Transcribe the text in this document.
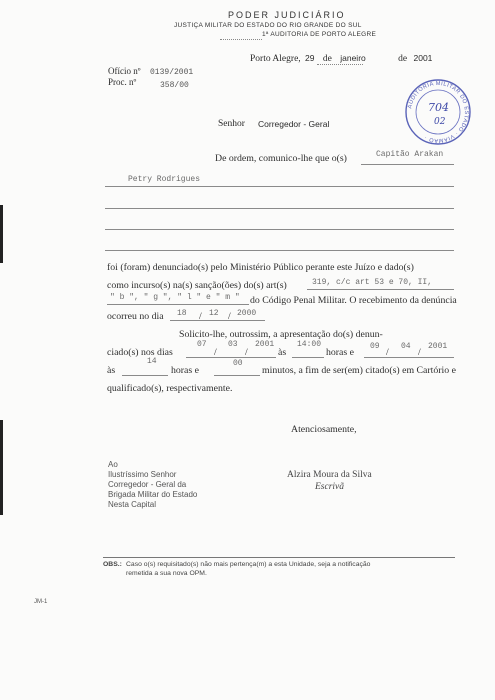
PODER JUDICIÁRIO
JUSTIÇA MILITAR DO ESTADO DO RIO GRANDE DO SUL
1ª AUDITORIA DE PORTO ALEGRE
Porto Alegre, 29 de janeiro	de 2001
Ofício nº 0139/2001
Proc. nº	358/00
AUDITORIA MILITAR DO ESTADO · VIAMÃO ·
704
02
Senhor Corregedor - Geral
De ordem, comunico-lhe que o(s)	Capitão Arakan
Petry Rodrigues
foi (foram) denunciado(s) pelo Ministério Público perante este Juízo e dado(s)
como incurso(s) na(s) sanção(ões) do(s) art(s)	319, c/c art 53 e 70, II,
" b ", " g ", " l " e " m " do Código Penal Militar. O recebimento da denúncia
ocorreu no dia 18 / 12 / 2000
Solicito-lhe, outrossim, a apresentação do(s) denun-
ciado(s) nos dias
07
/
03
/
2001
às
14:00
horas e
09
/
04
/
2001
às
14
horas e
00
minutos, a fim de ser(em) citado(s) em Cartório e
qualificado(s), respectivamente.
Atenciosamente,
Ao
Ilustríssimo Senhor
Corregedor - Geral da
Brigada Militar do Estado
Nesta Capital
Alzira Moura da Silva
Escrivã
OBS.: Caso o(s) requisitado(s) não mais pertença(m) a esta Unidade, seja a notificação
remetida a sua nova OPM.
JM-1
